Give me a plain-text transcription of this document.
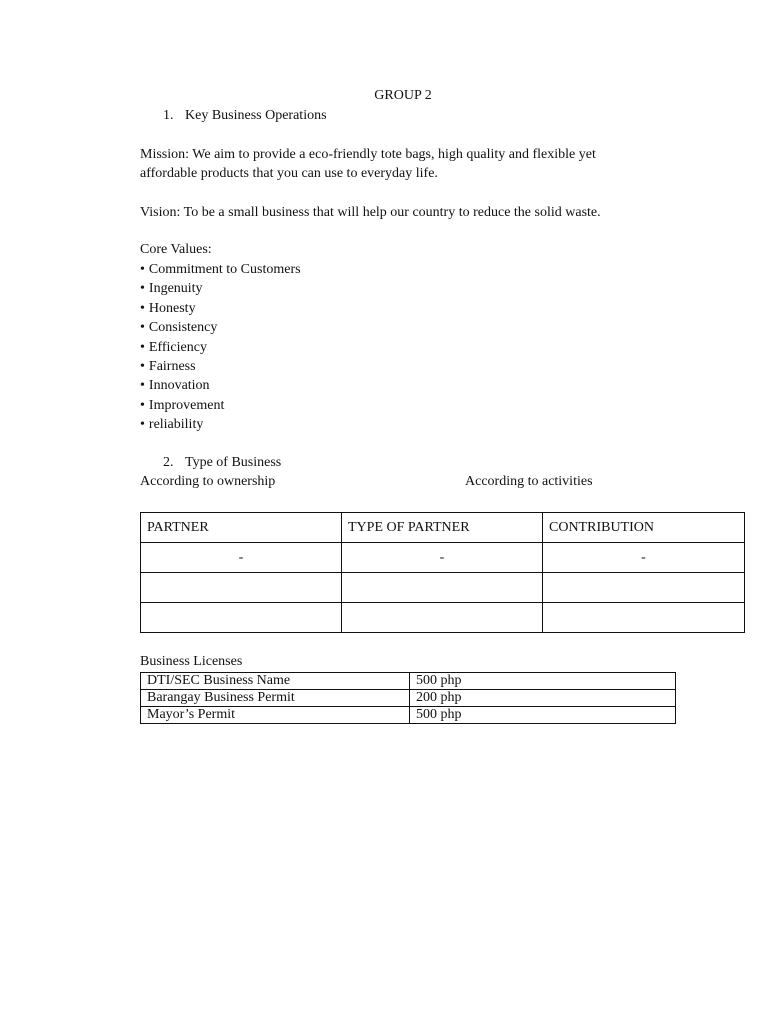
GROUP 2
1. Key Business Operations
Mission: We aim to provide a eco-friendly tote bags, high quality and flexible yet
affordable products that you can use to everyday life.
Vision: To be a small business that will help our country to reduce the solid waste.
Core Values:
• Commitment to Customers
• Ingenuity
• Honesty
• Consistency
• Efficiency
• Fairness
• Innovation
• Improvement
• reliability
2. Type of Business
According to ownership	According to activities
PARTNER	TYPE OF PARTNER	CONTRIBUTION
-	-	-

Business Licenses
DTI/SEC Business Name	500 php
Barangay Business Permit	200 php
Mayor’s Permit	500 php
